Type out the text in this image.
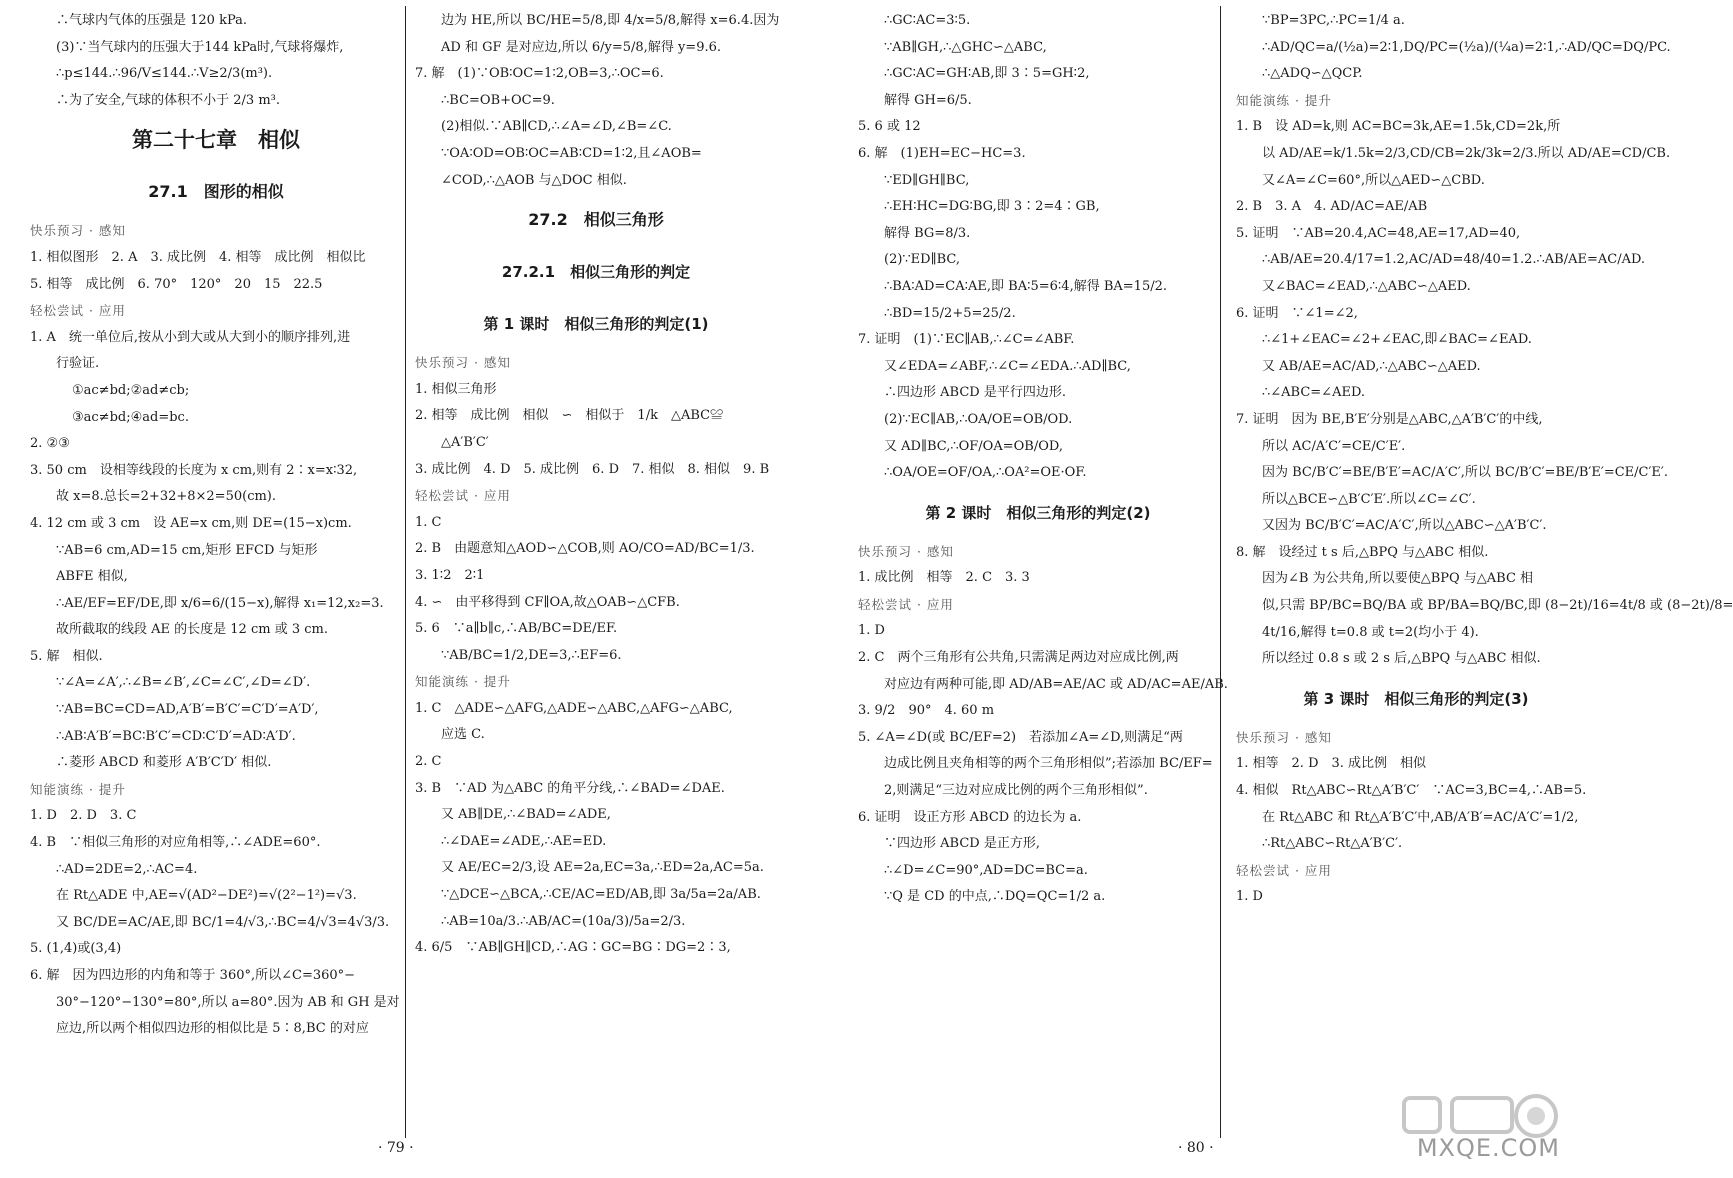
∴气球内气体的压强是 120 kPa.
(3)∵当气球内的压强大于144 kPa时,气球将爆炸,
∴p≤144.∴96/V≤144.∴V≥2/3(m³).
∴为了安全,气球的体积不小于 2/3 m³.
第二十七章　相似
27.1　图形的相似
快乐预习 · 感知
1. 相似图形　2. A　3. 成比例　4. 相等　成比例　相似比
5. 相等　成比例　6. 70°　120°　20　15　22.5
轻松尝试 · 应用
1. A　统一单位后,按从小到大或从大到小的顺序排列,进
行验证.
①ac≠bd;②ad≠cb;
③ac≠bd;④ad=bc.
2. ②③
3. 50 cm　设相等线段的长度为 x cm,则有 2∶x=x∶32,
故 x=8.总长=2+32+8×2=50(cm).
4. 12 cm 或 3 cm　设 AE=x cm,则 DE=(15−x)cm.
∵AB=6 cm,AD=15 cm,矩形 EFCD 与矩形
ABFE 相似,
∴AE/EF=EF/DE,即 x/6=6/(15−x),解得 x₁=12,x₂=3.
故所截取的线段 AE 的长度是 12 cm 或 3 cm.
5. 解　相似.
∵∠A=∠A′,∴∠B=∠B′,∠C=∠C′,∠D=∠D′.
∵AB=BC=CD=AD,A′B′=B′C′=C′D′=A′D′,
∴AB∶A′B′=BC∶B′C′=CD∶C′D′=AD∶A′D′.
∴菱形 ABCD 和菱形 A′B′C′D′ 相似.
知能演练 · 提升
1. D　2. D　3. C
4. B　∵相似三角形的对应角相等,∴∠ADE=60°.
∴AD=2DE=2,∴AC=4.
在 Rt△ADE 中,AE=√(AD²−DE²)=√(2²−1²)=√3.
又 BC/DE=AC/AE,即 BC/1=4/√3,∴BC=4/√3=4√3/3.
5. (1,4)或(3,4)
6. 解　因为四边形的内角和等于 360°,所以∠C=360°−
30°−120°−130°=80°,所以 a=80°.因为 AB 和 GH 是对
应边,所以两个相似四边形的相似比是 5∶8,BC 的对应
边为 HE,所以 BC/HE=5/8,即 4/x=5/8,解得 x=6.4.因为
AD 和 GF 是对应边,所以 6/y=5/8,解得 y=9.6.
7. 解　(1)∵OB∶OC=1∶2,OB=3,∴OC=6.
∴BC=OB+OC=9.
(2)相似.∵AB∥CD,∴∠A=∠D,∠B=∠C.
∵OA∶OD=OB∶OC=AB∶CD=1∶2,且∠AOB=
∠COD,∴△AOB 与△DOC 相似.
27.2　相似三角形
27.2.1　相似三角形的判定
第 1 课时　相似三角形的判定(1)
快乐预习 · 感知
1. 相似三角形
2. 相等　成比例　相似　∽　相似于　1/k　△ABC≌
△A′B′C′
3. 成比例　4. D　5. 成比例　6. D　7. 相似　8. 相似　9. B
轻松尝试 · 应用
1. C
2. B　由题意知△AOD∽△COB,则 AO/CO=AD/BC=1/3.
3. 1∶2　2∶1
4. ∽　由平移得到 CF∥OA,故△OAB∽△CFB.
5. 6　∵a∥b∥c,∴AB/BC=DE/EF.
∵AB/BC=1/2,DE=3,∴EF=6.
知能演练 · 提升
1. C　△ADE∽△AFG,△ADE∽△ABC,△AFG∽△ABC,
应选 C.
2. C
3. B　∵AD 为△ABC 的角平分线,∴∠BAD=∠DAE.
又 AB∥DE,∴∠BAD=∠ADE,
∴∠DAE=∠ADE,∴AE=ED.
又 AE/EC=2/3,设 AE=2a,EC=3a,∴ED=2a,AC=5a.
∵△DCE∽△BCA,∴CE/AC=ED/AB,即 3a/5a=2a/AB.
∴AB=10a/3.∴AB/AC=(10a/3)/5a=2/3.
4. 6/5　∵AB∥GH∥CD,∴AG∶GC=BG∶DG=2∶3,
· 79 ·	· 80 ·
∴GC∶AC=3∶5.
∵AB∥GH,∴△GHC∽△ABC,
∴GC∶AC=GH∶AB,即 3∶5=GH∶2,
解得 GH=6/5.
5. 6 或 12
6. 解　(1)EH=EC−HC=3.
∵ED∥GH∥BC,
∴EH∶HC=DG∶BG,即 3∶2=4∶GB,
解得 BG=8/3.
(2)∵ED∥BC,
∴BA∶AD=CA∶AE,即 BA∶5=6∶4,解得 BA=15/2.
∴BD=15/2+5=25/2.
7. 证明　(1)∵EC∥AB,∴∠C=∠ABF.
又∠EDA=∠ABF,∴∠C=∠EDA.∴AD∥BC,
∴四边形 ABCD 是平行四边形.
(2)∵EC∥AB,∴OA/OE=OB/OD.
又 AD∥BC,∴OF/OA=OB/OD,
∴OA/OE=OF/OA,∴OA²=OE·OF.
第 2 课时　相似三角形的判定(2)
快乐预习 · 感知
1. 成比例　相等　2. C　3. 3
轻松尝试 · 应用
1. D
2. C　两个三角形有公共角,只需满足两边对应成比例,两
对应边有两种可能,即 AD/AB=AE/AC 或 AD/AC=AE/AB.
3. 9/2　90°　4. 60 m
5. ∠A=∠D(或 BC/EF=2)　若添加∠A=∠D,则满足“两
边成比例且夹角相等的两个三角形相似”;若添加 BC/EF=
2,则满足“三边对应成比例的两个三角形相似”.
6. 证明　设正方形 ABCD 的边长为 a.
∵四边形 ABCD 是正方形,
∴∠D=∠C=90°,AD=DC=BC=a.
∵Q 是 CD 的中点,∴DQ=QC=1/2 a.
∵BP=3PC,∴PC=1/4 a.
∴AD/QC=a/(½a)=2∶1,DQ/PC=(½a)/(¼a)=2∶1,∴AD/QC=DQ/PC.
∴△ADQ∽△QCP.
知能演练 · 提升
1. B　设 AD=k,则 AC=BC=3k,AE=1.5k,CD=2k,所
以 AD/AE=k/1.5k=2/3,CD/CB=2k/3k=2/3.所以 AD/AE=CD/CB.
又∠A=∠C=60°,所以△AED∽△CBD.
2. B　3. A　4. AD/AC=AE/AB
5. 证明　∵AB=20.4,AC=48,AE=17,AD=40,
∴AB/AE=20.4/17=1.2,AC/AD=48/40=1.2.∴AB/AE=AC/AD.
又∠BAC=∠EAD,∴△ABC∽△AED.
6. 证明　∵∠1=∠2,
∴∠1+∠EAC=∠2+∠EAC,即∠BAC=∠EAD.
又 AB/AE=AC/AD,∴△ABC∽△AED.
∴∠ABC=∠AED.
7. 证明　因为 BE,B′E′分别是△ABC,△A′B′C′的中线,
所以 AC/A′C′=CE/C′E′.
因为 BC/B′C′=BE/B′E′=AC/A′C′,所以 BC/B′C′=BE/B′E′=CE/C′E′.
所以△BCE∽△B′C′E′.所以∠C=∠C′.
又因为 BC/B′C′=AC/A′C′,所以△ABC∽△A′B′C′.
8. 解　设经过 t s 后,△BPQ 与△ABC 相似.
因为∠B 为公共角,所以要使△BPQ 与△ABC 相
似,只需 BP/BC=BQ/BA 或 BP/BA=BQ/BC,即 (8−2t)/16=4t/8 或 (8−2t)/8=
4t/16,解得 t=0.8 或 t=2(均小于 4).
所以经过 0.8 s 或 2 s 后,△BPQ 与△ABC 相似.
第 3 课时　相似三角形的判定(3)
快乐预习 · 感知
1. 相等　2. D　3. 成比例　相似
4. 相似　Rt△ABC∽Rt△A′B′C′　∵AC=3,BC=4,∴AB=5.
在 Rt△ABC 和 Rt△A′B′C′中,AB/A′B′=AC/A′C′=1/2,
∴Rt△ABC∽Rt△A′B′C′.
轻松尝试 · 应用
1. D
MXQE.COM
